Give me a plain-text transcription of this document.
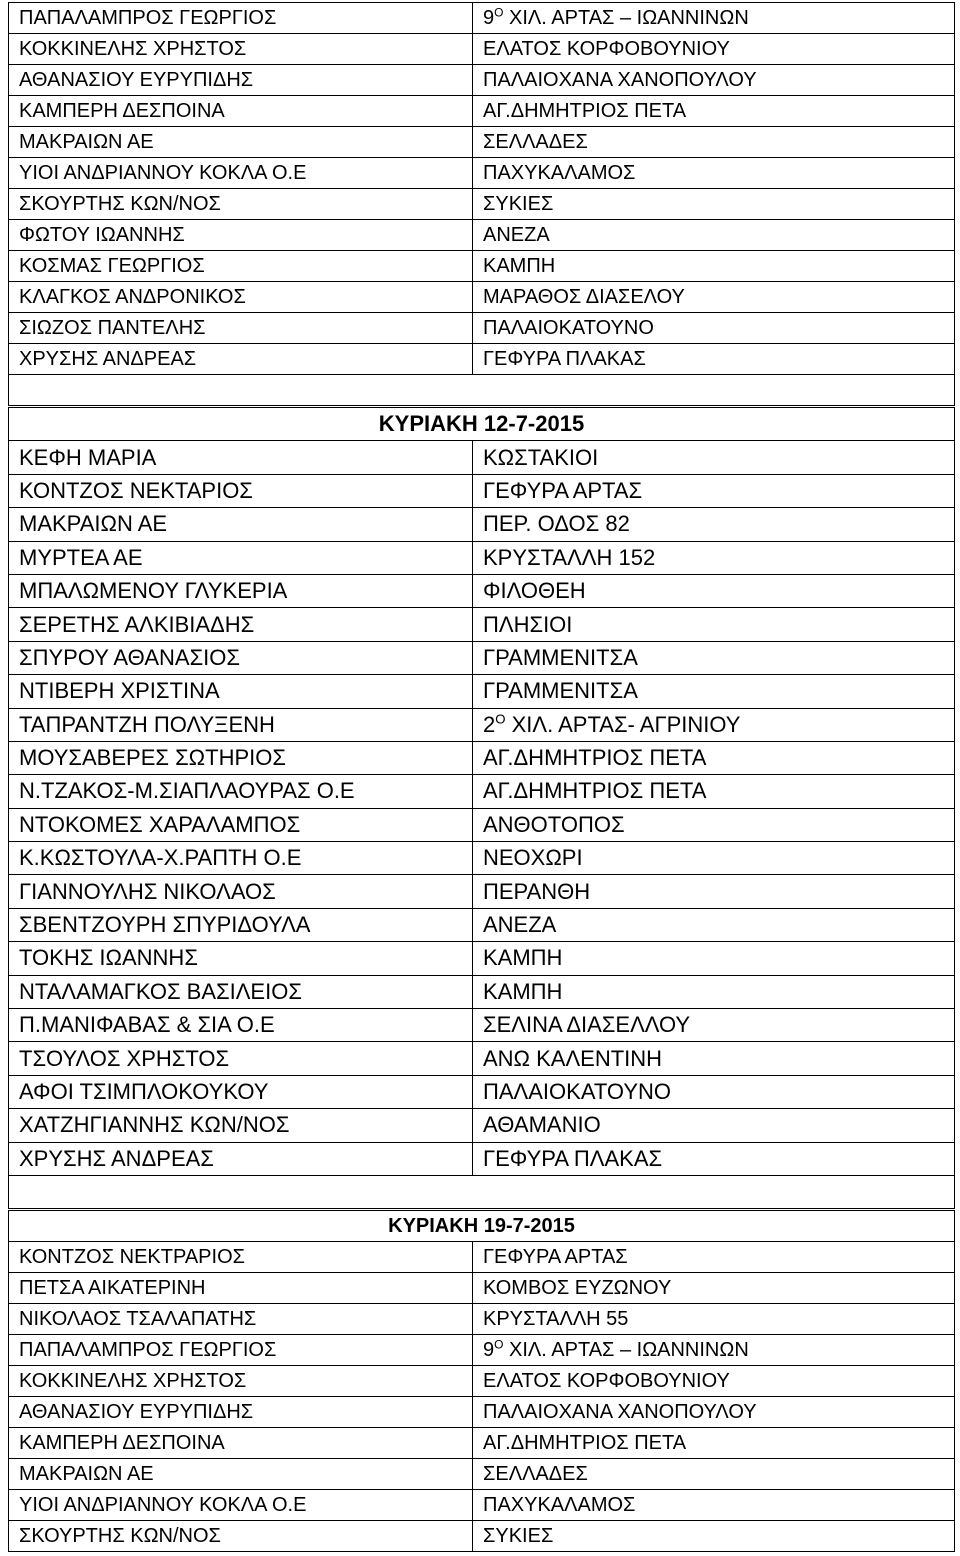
ΠΑΠΑΛΑΜΠΡΟΣ ΓΕΩΡΓΙΟΣ	$9^O$ ΧΙΛ. ΑΡΤΑΣ – ΙΩΑΝΝΙΝΩΝ
ΚΟΚΚΙΝΕΛΗΣ ΧΡΗΣΤΟΣ	ΕΛΑΤΟΣ ΚΟΡΦΟΒΟΥΝΙΟΥ
ΑΘΑΝΑΣΙΟΥ ΕΥΡΥΠΙΔΗΣ	ΠΑΛΑΙΟΧΑΝΑ ΧΑΝΟΠΟΥΛΟΥ
ΚΑΜΠΕΡΗ ΔΕΣΠΟΙΝΑ	ΑΓ.ΔΗΜΗΤΡΙΟΣ ΠΕΤΑ
ΜΑΚΡΑΙΩΝ ΑΕ	ΣΕΛΛΑΔΕΣ
ΥΙΟΙ ΑΝΔΡΙΑΝΝΟΥ ΚΟΚΛΑ Ο.Ε	ΠΑΧΥΚΑΛΑΜΟΣ
ΣΚΟΥΡΤΗΣ ΚΩΝ/ΝΟΣ	ΣΥΚΙΕΣ
ΦΩΤΟΥ ΙΩΑΝΝΗΣ	ΑΝΕΖΑ
ΚΟΣΜΑΣ ΓΕΩΡΓΙΟΣ	ΚΑΜΠΗ
ΚΛΑΓΚΟΣ ΑΝΔΡΟΝΙΚΟΣ	ΜΑΡΑΘΟΣ ΔΙΑΣΕΛΟΥ
ΣΙΩΖΟΣ ΠΑΝΤΕΛΗΣ	ΠΑΛΑΙΟΚΑΤΟΥΝΟ
ΧΡΥΣΗΣ ΑΝΔΡΕΑΣ	ΓΕΦΥΡΑ ΠΛΑΚΑΣ

ΚΥΡΙΑΚΗ 12-7-2015	
ΚΕΦΗ ΜΑΡΙΑ	ΚΩΣΤΑΚΙΟΙ
ΚΟΝΤΖΟΣ ΝΕΚΤΑΡΙΟΣ	ΓΕΦΥΡΑ ΑΡΤΑΣ
ΜΑΚΡΑΙΩΝ ΑΕ	ΠΕΡ. ΟΔΟΣ 82
ΜΥΡΤΕΑ ΑΕ	ΚΡΥΣΤΑΛΛΗ 152
ΜΠΑΛΩΜΕΝΟΥ ΓΛΥΚΕΡΙΑ	ΦΙΛΟΘΕΗ
ΣΕΡΕΤΗΣ ΑΛΚΙΒΙΑΔΗΣ	ΠΛΗΣΙΟΙ
ΣΠΥΡΟΥ ΑΘΑΝΑΣΙΟΣ	ΓΡΑΜΜΕΝΙΤΣΑ
ΝΤΙΒΕΡΗ ΧΡΙΣΤΙΝΑ	ΓΡΑΜΜΕΝΙΤΣΑ
ΤΑΠΡΑΝΤΖΗ ΠΟΛΥΞΕΝΗ	$2^O$ ΧΙΛ. ΑΡΤΑΣ- ΑΓΡΙΝΙΟΥ
ΜΟΥΣΑΒΕΡΕΣ ΣΩΤΗΡΙΟΣ	ΑΓ.ΔΗΜΗΤΡΙΟΣ ΠΕΤΑ
Ν.ΤΖΑΚΟΣ-Μ.ΣΙΑΠΛΑΟΥΡΑΣ Ο.Ε	ΑΓ.ΔΗΜΗΤΡΙΟΣ ΠΕΤΑ
ΝΤΟΚΟΜΕΣ ΧΑΡΑΛΑΜΠΟΣ	ΑΝΘΟΤΟΠΟΣ
Κ.ΚΩΣΤΟΥΛΑ-Χ.ΡΑΠΤΗ Ο.Ε	ΝΕΟΧΩΡΙ
ΓΙΑΝΝΟΥΛΗΣ ΝΙΚΟΛΑΟΣ	ΠΕΡΑΝΘΗ
ΣΒΕΝΤΖΟΥΡΗ ΣΠΥΡΙΔΟΥΛΑ	ΑΝΕΖΑ
ΤΟΚΗΣ ΙΩΑΝΝΗΣ	ΚΑΜΠΗ
ΝΤΑΛΑΜΑΓΚΟΣ ΒΑΣΙΛΕΙΟΣ	ΚΑΜΠΗ
Π.ΜΑΝΙΦΑΒΑΣ & ΣΙΑ Ο.Ε	ΣΕΛΙΝΑ ΔΙΑΣΕΛΛΟΥ
ΤΣΟΥΛΟΣ ΧΡΗΣΤΟΣ	ΑΝΩ ΚΑΛΕΝΤΙΝΗ
ΑΦΟΙ ΤΣΙΜΠΛΟΚΟΥΚΟΥ	ΠΑΛΑΙΟΚΑΤΟΥΝΟ
ΧΑΤΖΗΓΙΑΝΝΗΣ ΚΩΝ/ΝΟΣ	ΑΘΑΜΑΝΙΟ
ΧΡΥΣΗΣ ΑΝΔΡΕΑΣ	ΓΕΦΥΡΑ ΠΛΑΚΑΣ

ΚΥΡΙΑΚΗ 19-7-2015	
ΚΟΝΤΖΟΣ ΝΕΚΤΡΑΡΙΟΣ	ΓΕΦΥΡΑ ΑΡΤΑΣ
ΠΕΤΣΑ ΑΙΚΑΤΕΡΙΝΗ	ΚΟΜΒΟΣ ΕΥΖΩΝΟΥ
ΝΙΚΟΛΑΟΣ ΤΣΑΛΑΠΑΤΗΣ	ΚΡΥΣΤΑΛΛΗ 55
ΠΑΠΑΛΑΜΠΡΟΣ ΓΕΩΡΓΙΟΣ	$9^O$ ΧΙΛ. ΑΡΤΑΣ – ΙΩΑΝΝΙΝΩΝ
ΚΟΚΚΙΝΕΛΗΣ ΧΡΗΣΤΟΣ	ΕΛΑΤΟΣ ΚΟΡΦΟΒΟΥΝΙΟΥ
ΑΘΑΝΑΣΙΟΥ ΕΥΡΥΠΙΔΗΣ	ΠΑΛΑΙΟΧΑΝΑ ΧΑΝΟΠΟΥΛΟΥ
ΚΑΜΠΕΡΗ ΔΕΣΠΟΙΝΑ	ΑΓ.ΔΗΜΗΤΡΙΟΣ ΠΕΤΑ
ΜΑΚΡΑΙΩΝ ΑΕ	ΣΕΛΛΑΔΕΣ
ΥΙΟΙ ΑΝΔΡΙΑΝΝΟΥ ΚΟΚΛΑ Ο.Ε	ΠΑΧΥΚΑΛΑΜΟΣ
ΣΚΟΥΡΤΗΣ ΚΩΝ/ΝΟΣ	ΣΥΚΙΕΣ
